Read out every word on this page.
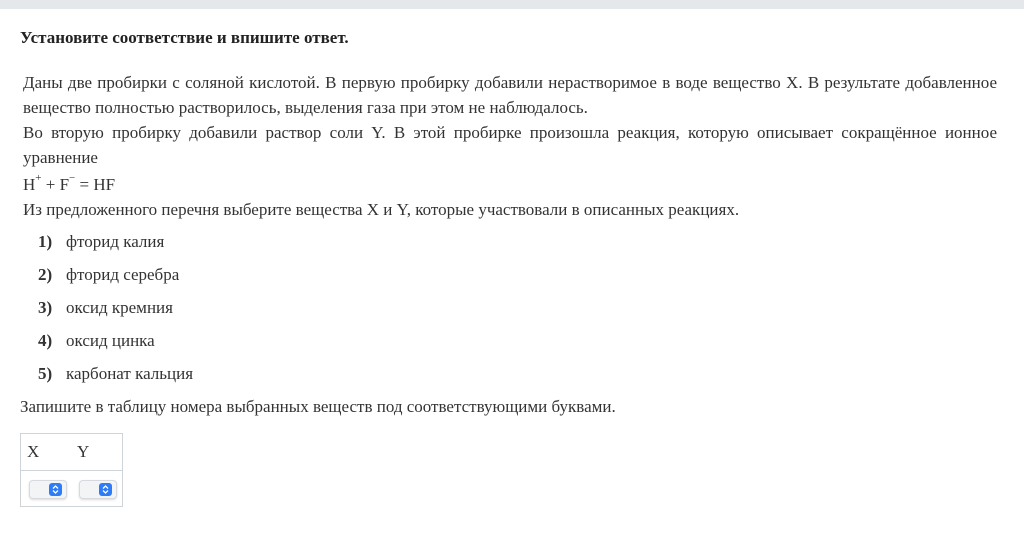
Установите соответствие и впишите ответ.

Даны две пробирки с соляной кислотой. В первую пробирку добавили нерастворимое в воде вещество X. В результате добавленное вещество полностью растворилось, выделения газа при этом не наблюдалось.

Во вторую пробирку добавили раствор соли Y. В этой пробирке произошла реакция, которую описывает сокращённое ионное уравнение

H+ + F− = HF

Из предложенного перечня выберите вещества X и Y, которые участвовали в описанных реакциях.

1) фторид калия
2) фторид серебра
3) оксид кремния
4) оксид цинка
5) карбонат кальция
Запишите в таблицу номера выбранных веществ под соответствующими буквами.
X Y
